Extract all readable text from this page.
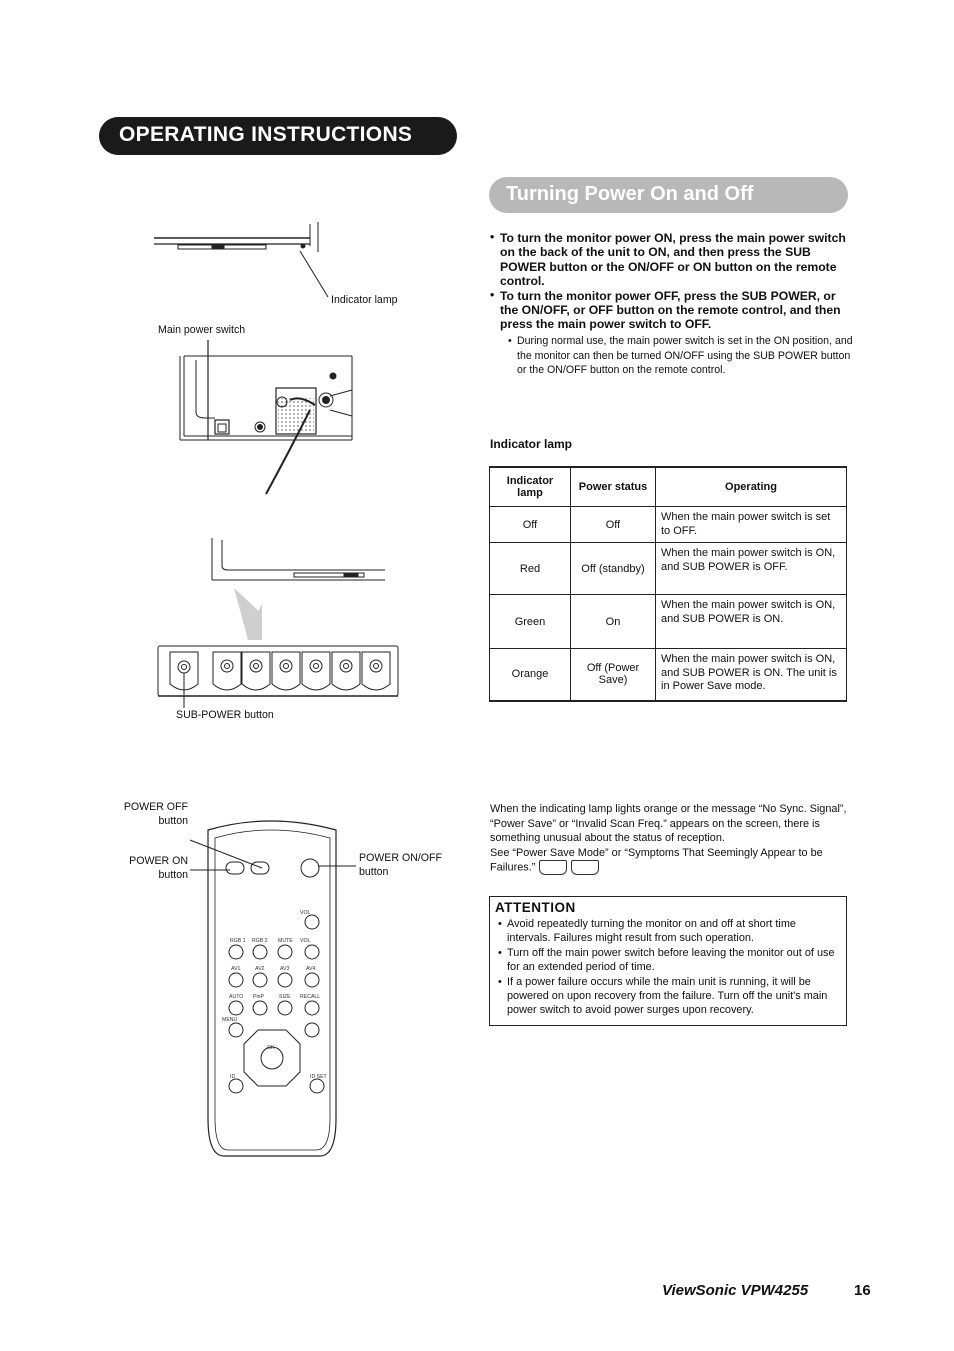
OPERATING INSTRUCTIONS
Turning Power On and Off
VOL
RGB 1 RGB 2 MUTE VOL
AV1	AV2	AV3	AV4
AUTO PinP	SIZE RECALL
MENU
OK
ID	ID SET
Indicator lamp
Main power switch
SUB-POWER button
POWER OFF
button
POWER ON
button
POWER ON/OFF
button
• To turn the monitor power ON, press the main power switch on the back of the unit to ON, and then press the SUB POWER button or the ON/OFF or ON button on the remote control.
• To turn the monitor power OFF, press the SUB POWER, or the ON/OFF, or OFF button on the remote control, and then press the main power switch to OFF.
• During normal use, the main power switch is set in the ON position, and the monitor can then be turned ON/OFF using the SUB POWER button or the ON/OFF button on the remote control.
Indicator lamp
Indicator lamp	Power status	Operating
Off	Off	When the main power switch is set to OFF.
Red	Off (standby)	When the main power switch is ON, and SUB POWER is OFF.
Green	On	When the main power switch is ON, and SUB POWER is ON.
Orange	Off (Power Save)	When the main power switch is ON, and SUB POWER is ON. The unit is in Power Save mode.
When the indicating lamp lights orange or the message “No Sync. Signal”, “Power Save” or “Invalid Scan Freq.” appears on the screen, there is something unusual about the status of reception.
See “Power Save Mode” or “Symptoms That Seemingly Appear to be Failures.”
ATTENTION
• Avoid repeatedly turning the monitor on and off at short time intervals. Failures might result from such operation.
• Turn off the main power switch before leaving the monitor out of use for an extended period of time.
• If a power failure occurs while the main unit is running, it will be powered on upon recovery from the failure. Turn off the unit's main power switch to avoid power surges upon recovery.
ViewSonic VPW4255	16
